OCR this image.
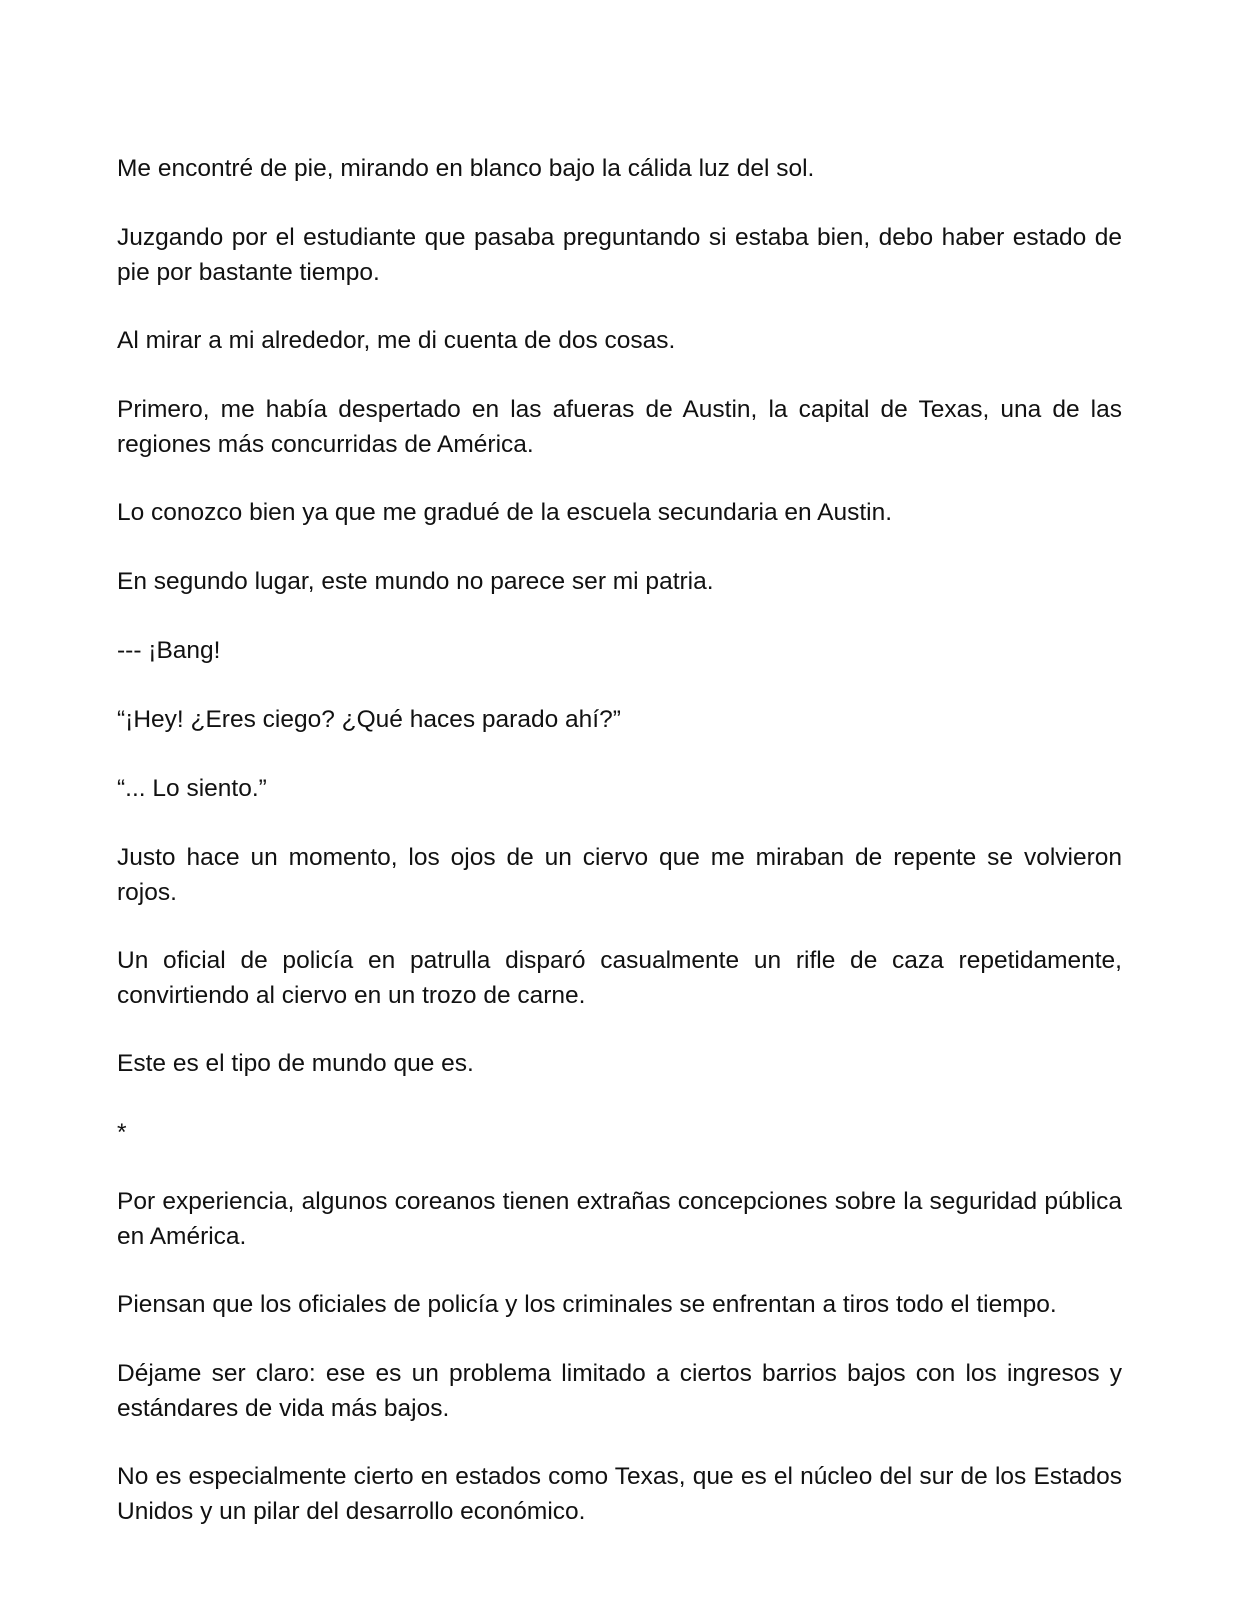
Me encontré de pie, mirando en blanco bajo la cálida luz del sol.

Juzgando por el estudiante que pasaba preguntando si estaba bien, debo haber estado de pie por bastante tiempo.

Al mirar a mi alrededor, me di cuenta de dos cosas.

Primero, me había despertado en las afueras de Austin, la capital de Texas, una de las regiones más concurridas de América.

Lo conozco bien ya que me gradué de la escuela secundaria en Austin.

En segundo lugar, este mundo no parece ser mi patria.

--- ¡Bang!

“¡Hey! ¿Eres ciego? ¿Qué haces parado ahí?”

“... Lo siento.”

Justo hace un momento, los ojos de un ciervo que me miraban de repente se volvieron rojos.

Un oficial de policía en patrulla disparó casualmente un rifle de caza repetidamente, convirtiendo al ciervo en un trozo de carne.

Este es el tipo de mundo que es.

*

Por experiencia, algunos coreanos tienen extrañas concepciones sobre la seguridad pública en América.

Piensan que los oficiales de policía y los criminales se enfrentan a tiros todo el tiempo.

Déjame ser claro: ese es un problema limitado a ciertos barrios bajos con los ingresos y estándares de vida más bajos.

No es especialmente cierto en estados como Texas, que es el núcleo del sur de los Estados Unidos y un pilar del desarrollo económico.
